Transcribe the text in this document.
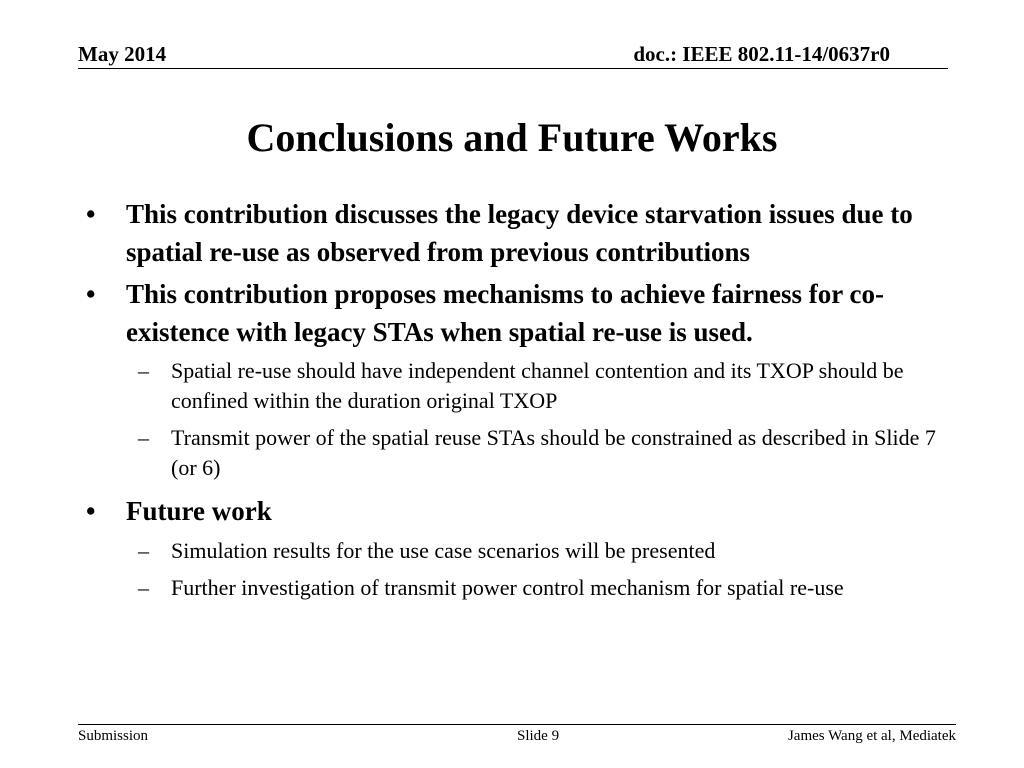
May 2014	doc.: IEEE 802.11-14/0637r0
Conclusions and Future Works
•	This contribution discusses the legacy device starvation issues due to spatial re-use as observed from previous contributions
•	This contribution proposes mechanisms to achieve fairness for co-existence with legacy STAs when spatial re-use is used.
– Spatial re-use should have independent channel contention and its TXOP should be confined within the duration original TXOP
– Transmit power of the spatial reuse STAs should be constrained as described in Slide 7 (or 6)
•	Future work
– Simulation results for the use case scenarios will be presented
– Further investigation of transmit power control mechanism for spatial re-use
Submission	Slide 9	James Wang et al, Mediatek
